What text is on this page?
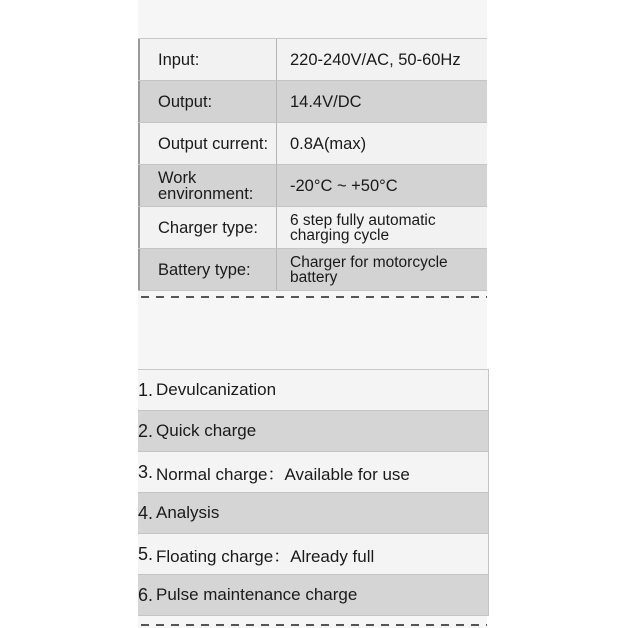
Input:	220-240V/AC, 50-60Hz
Output:	14.4V/DC
Output current:	0.8A(max)
Work environment:	-20°C ~ +50°C
Charger type:	6 step fully automatic charging cycle
Battery type:	Charger for motorcycle battery
1. Devulcanization
2. Quick charge
3. Normal charge：Available for use
4. Analysis
5. Floating charge：Already full
6. Pulse maintenance charge
